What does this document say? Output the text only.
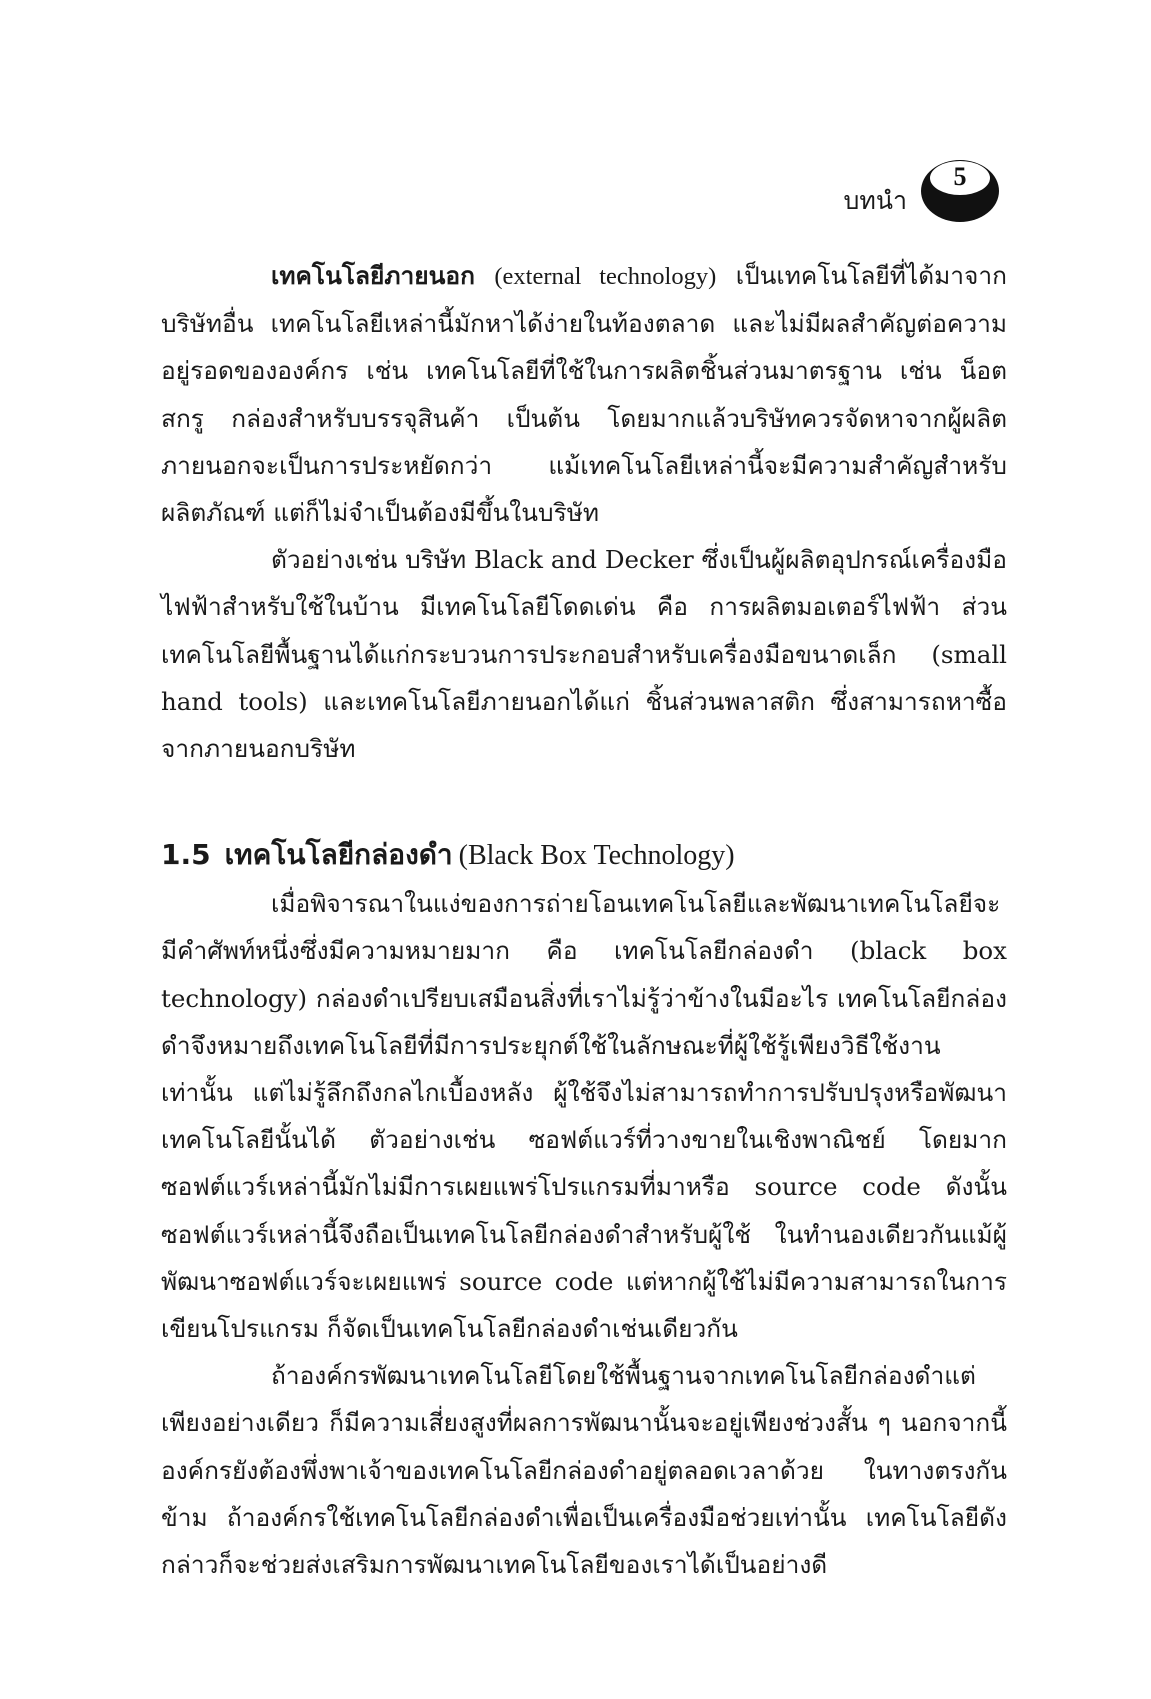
บทนำ
5

เทคโนโลยีภายนอก (external technology) เป็นเทคโนโลยีที่ได้มาจากบริษัทอื่น เทคโนโลยีเหล่านี้มักหาได้ง่ายในท้องตลาด และไม่มีผลสำคัญต่อความอยู่รอดขององค์กร เช่น เทคโนโลยีที่ใช้ในการผลิตชิ้นส่วนมาตรฐาน เช่น น็อต สกรู กล่องสำหรับบรรจุสินค้า เป็นต้น โดยมากแล้วบริษัทควรจัดหาจากผู้ผลิตภายนอกจะเป็นการประหยัดกว่า แม้เทคโนโลยีเหล่านี้จะมีความสำคัญสำหรับผลิตภัณฑ์ แต่ก็ไม่จำเป็นต้องมีขึ้นในบริษัท

ตัวอย่างเช่น บริษัท Black and Decker ซึ่งเป็นผู้ผลิตอุปกรณ์เครื่องมือไฟฟ้าสำหรับใช้ในบ้าน มีเทคโนโลยีโดดเด่น คือ การผลิตมอเตอร์ไฟฟ้า ส่วนเทคโนโลยีพื้นฐานได้แก่กระบวนการประกอบสำหรับเครื่องมือขนาดเล็ก (small hand tools) และเทคโนโลยีภายนอกได้แก่ ชิ้นส่วนพลาสติก ซึ่งสามารถหาซื้อจากภายนอกบริษัท

1.5 เทคโนโลยีกล่องดำ (Black Box Technology)

เมื่อพิจารณาในแง่ของการถ่ายโอนเทคโนโลยีและพัฒนาเทคโนโลยีจะมีคำศัพท์หนึ่งซึ่งมีความหมายมาก คือ เทคโนโลยีกล่องดำ (black box technology) กล่องดำเปรียบเสมือนสิ่งที่เราไม่รู้ว่าข้างในมีอะไร เทคโนโลยีกล่องดำจึงหมายถึงเทคโนโลยีที่มีการประยุกต์ใช้ในลักษณะที่ผู้ใช้รู้เพียงวิธีใช้งานเท่านั้น แต่ไม่รู้ลึกถึงกลไกเบื้องหลัง ผู้ใช้จึงไม่สามารถทำการปรับปรุงหรือพัฒนาเทคโนโลยีนั้นได้ ตัวอย่างเช่น ซอฟต์แวร์ที่วางขายในเชิงพาณิชย์ โดยมากซอฟต์แวร์เหล่านี้มักไม่มีการเผยแพร่โปรแกรมที่มาหรือ source code ดังนั้นซอฟต์แวร์เหล่านี้จึงถือเป็นเทคโนโลยีกล่องดำสำหรับผู้ใช้ ในทำนองเดียวกันแม้ผู้พัฒนาซอฟต์แวร์จะเผยแพร่ source code แต่หากผู้ใช้ไม่มีความสามารถในการเขียนโปรแกรม ก็จัดเป็นเทคโนโลยีกล่องดำเช่นเดียวกัน

ถ้าองค์กรพัฒนาเทคโนโลยีโดยใช้พื้นฐานจากเทคโนโลยีกล่องดำแต่เพียงอย่างเดียว ก็มีความเสี่ยงสูงที่ผลการพัฒนานั้นจะอยู่เพียงช่วงสั้น ๆ นอกจากนี้องค์กรยังต้องพึ่งพาเจ้าของเทคโนโลยีกล่องดำอยู่ตลอดเวลาด้วย ในทางตรงกันข้าม ถ้าองค์กรใช้เทคโนโลยีกล่องดำเพื่อเป็นเครื่องมือช่วยเท่านั้น เทคโนโลยีดังกล่าวก็จะช่วยส่งเสริมการพัฒนาเทคโนโลยีของเราได้เป็นอย่างดี
